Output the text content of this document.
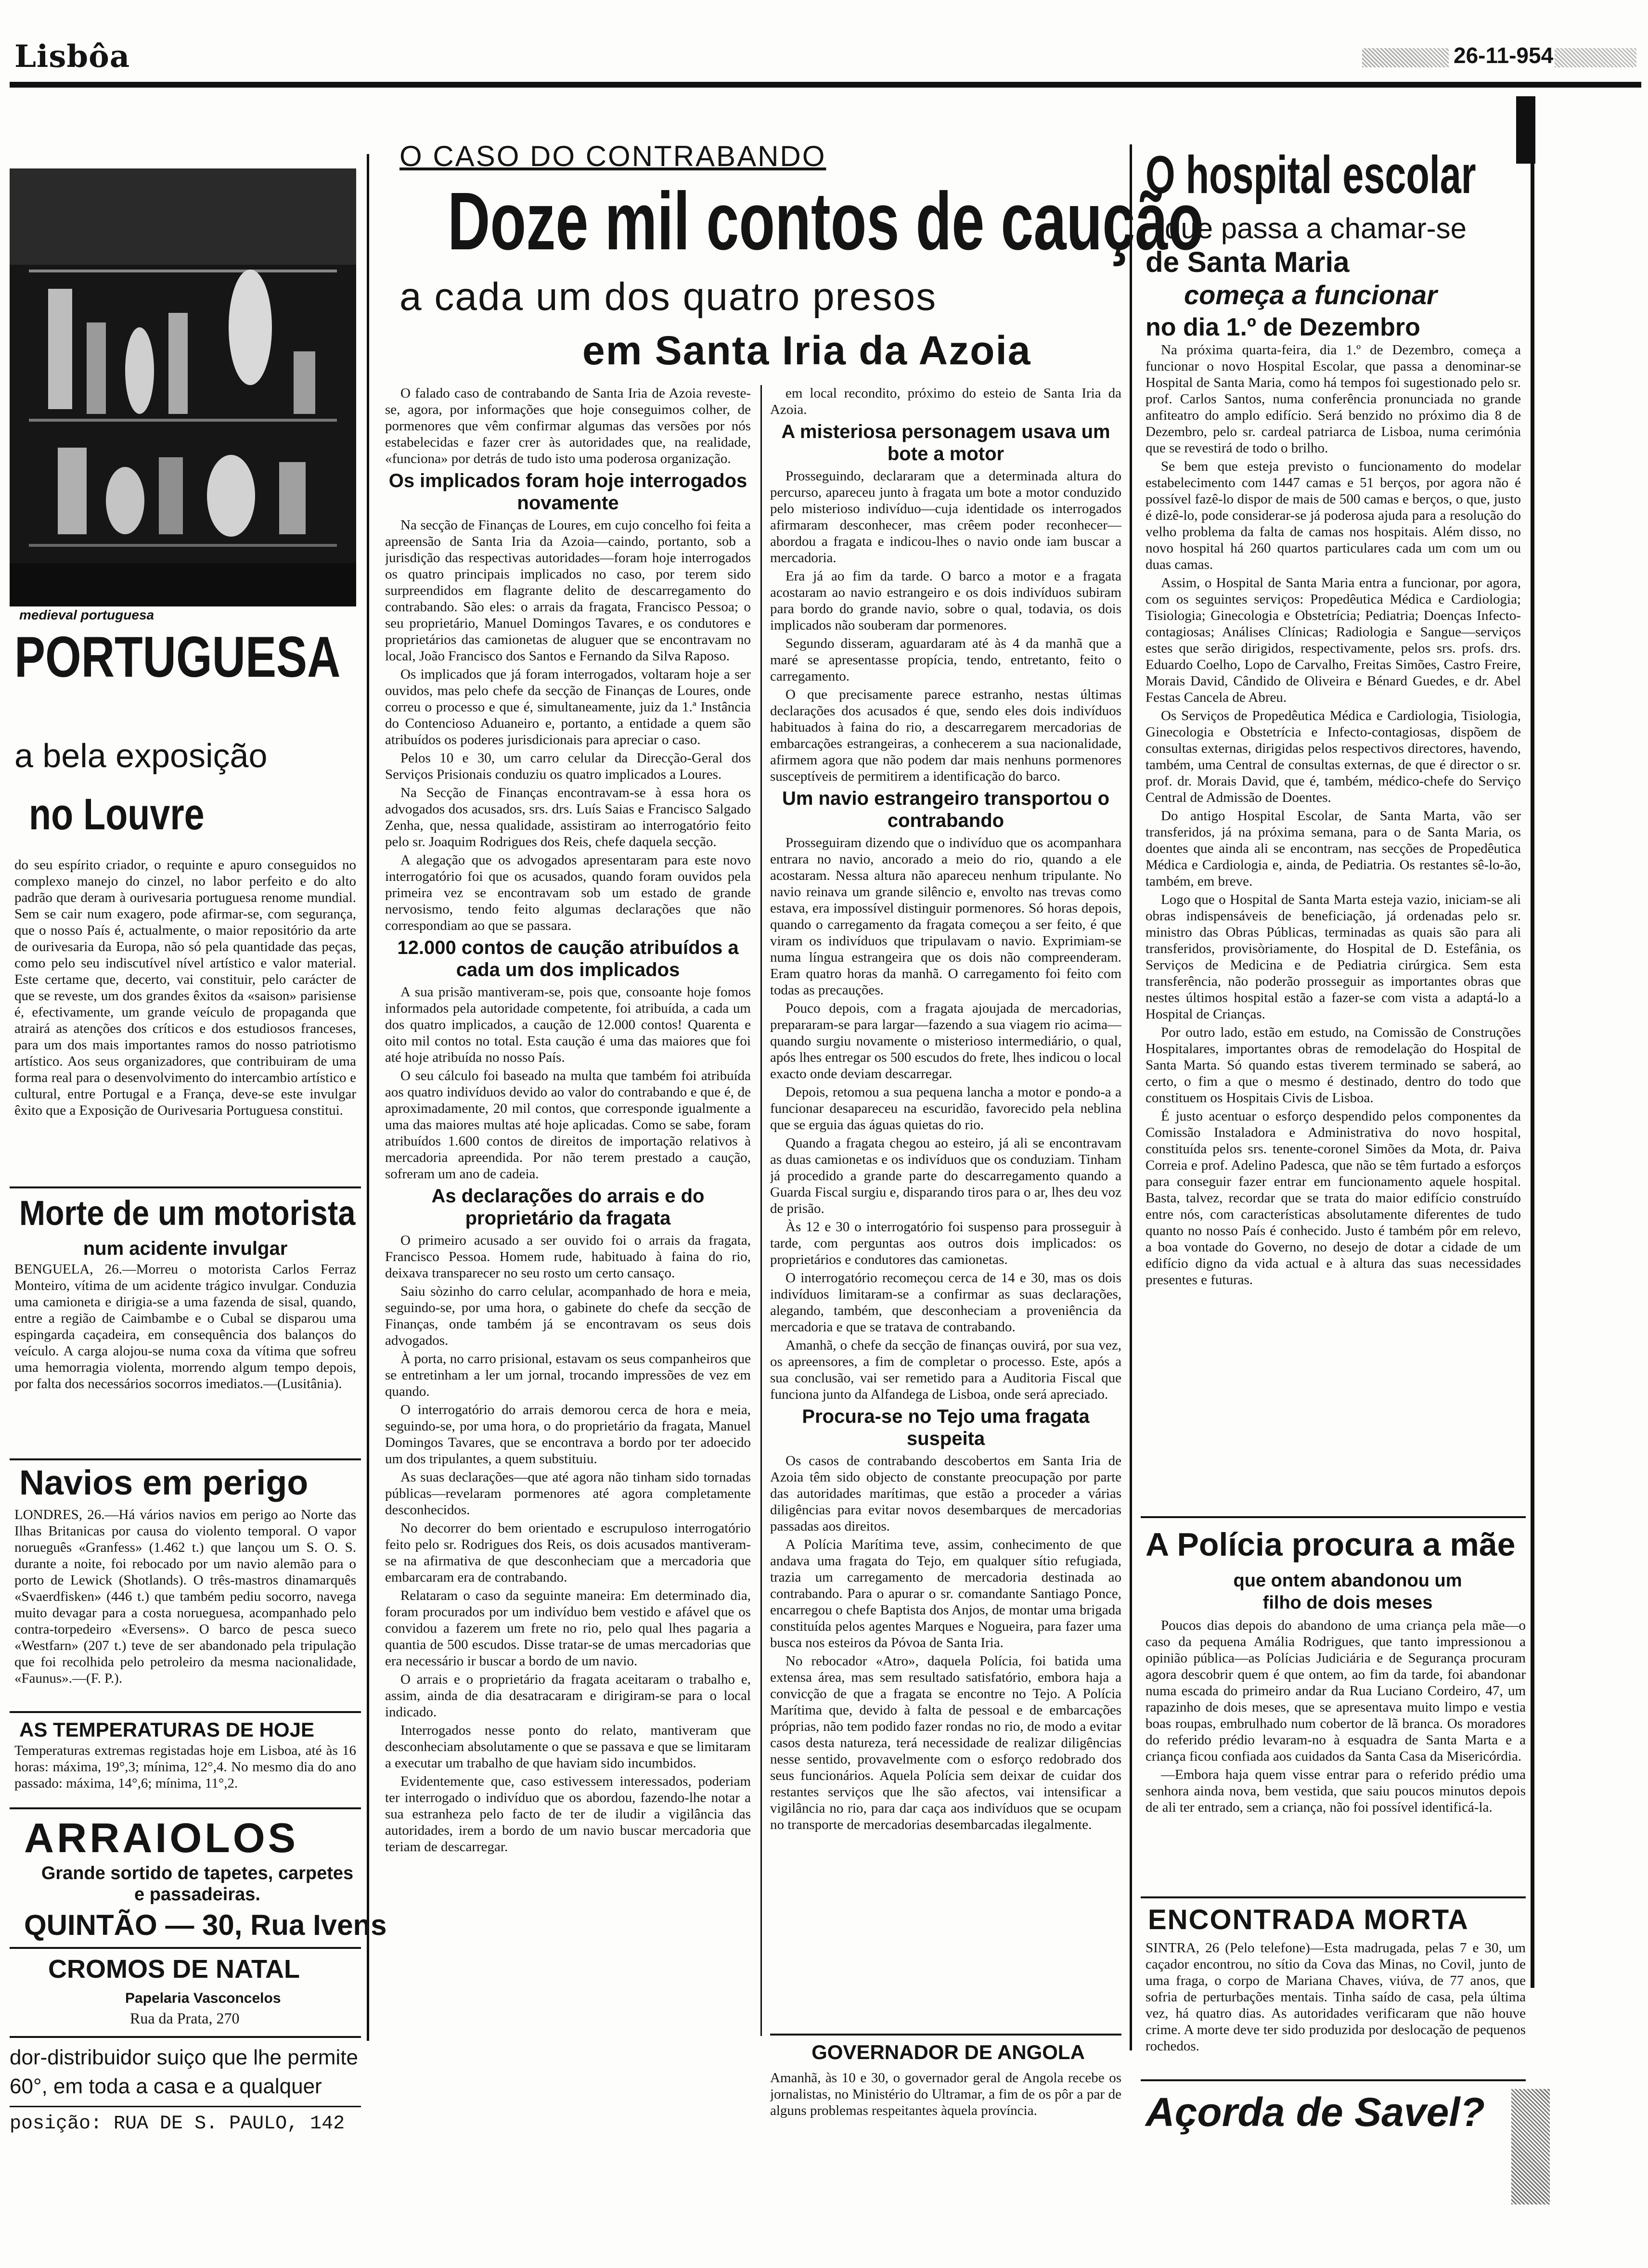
Lisbôa	26-11-954
medieval portuguesa
PORTUGUESA
a bela exposição
no Louvre
do seu espírito criador, o requinte e apuro conseguidos no complexo manejo do cinzel, no labor perfeito e do alto padrão que deram à ourivesaria portuguesa renome mundial. Sem se cair num exagero, pode afirmar-se, com segurança, que o nosso País é, actualmente, o maior repositório da arte de ourivesaria da Europa, não só pela quantidade das peças, como pelo seu indiscutível nível artístico e valor material. Este certame que, decerto, vai constituir, pelo carácter de que se reveste, um dos grandes êxitos da «saison» parisiense é, efectivamente, um grande veículo de propaganda que atrairá as atenções dos críticos e dos estudiosos franceses, para um dos mais importantes ramos do nosso patriotismo artístico. Aos seus organizadores, que contribuiram de uma forma real para o desenvolvimento do intercambio artístico e cultural, entre Portugal e a França, deve-se este invulgar êxito que a Exposição de Ourivesaria Portuguesa constitui.
Morte de um motorista
num acidente invulgar
BENGUELA, 26.—Morreu o motorista Carlos Ferraz Monteiro, vítima de um acidente trágico invulgar. Conduzia uma camioneta e dirigia-se a uma fazenda de sisal, quando, entre a região de Caimbambe e o Cubal se disparou uma espingarda caçadeira, em consequência dos balanços do veículo. A carga alojou-se numa coxa da vítima que sofreu uma hemorragia violenta, morrendo algum tempo depois, por falta dos necessários socorros imediatos.—(Lusitânia).
Navios em perigo
LONDRES, 26.—Há vários navios em perigo ao Norte das Ilhas Britanicas por causa do violento temporal. O vapor norueguês «Granfess» (1.462 t.) que lançou um S. O. S. durante a noite, foi rebocado por um navio alemão para o porto de Lewick (Shotlands). O três-mastros dinamarquês «Svaerdfisken» (446 t.) que também pediu socorro, navega muito devagar para a costa norueguesa, acompanhado pelo contra-torpedeiro «Eversens». O barco de pesca sueco «Westfarn» (207 t.) teve de ser abandonado pela tripulação que foi recolhida pelo petroleiro da mesma nacionalidade, «Faunus».—(F. P.).
AS TEMPERATURAS DE HOJE
Temperaturas extremas registadas hoje em Lisboa, até às 16 horas: máxima, 19°,3; mínima, 12°,4. No mesmo dia do ano passado: máxima, 14°,6; mínima, 11°,2.
ARRAIOLOS
Grande sortido de tapetes, carpetes e passadeiras.
QUINTÃO — 30, Rua Ivens
CROMOS DE NATAL
Papelaria Vasconcelos
Rua da Prata, 270
dor-distribuidor suiço que lhe permite
60°, em toda a casa e a qualquer
posição: RUA DE S. PAULO, 142
O CASO DO CONTRABANDO
Doze mil contos de caução
a cada um dos quatro presos
em Santa Iria da Azoia

O falado caso de contrabando de Santa Iria de Azoia reveste-se, agora, por informações que hoje conseguimos colher, de pormenores que vêm confirmar algumas das versões por nós estabelecidas e fazer crer às autoridades que, na realidade, «funciona» por detrás de tudo isto uma poderosa organização.

Os implicados foram hoje interrogados novamente

Na secção de Finanças de Loures, em cujo concelho foi feita a apreensão de Santa Iria da Azoia—caindo, portanto, sob a jurisdição das respectivas autoridades—foram hoje interrogados os quatro principais implicados no caso, por terem sido surpreendidos em flagrante delito de descarregamento do contrabando. São eles: o arrais da fragata, Francisco Pessoa; o seu proprietário, Manuel Domingos Tavares, e os condutores e proprietários das camionetas de aluguer que se encontravam no local, João Francisco dos Santos e Fernando da Silva Raposo.

Os implicados que já foram interrogados, voltaram hoje a ser ouvidos, mas pelo chefe da secção de Finanças de Loures, onde correu o processo e que é, simultaneamente, juiz da 1.ª Instância do Contencioso Aduaneiro e, portanto, a entidade a quem são atribuídos os poderes jurisdicionais para apreciar o caso.

Pelos 10 e 30, um carro celular da Direcção-Geral dos Serviços Prisionais conduziu os quatro implicados a Loures.

Na Secção de Finanças encontravam-se à essa hora os advogados dos acusados, srs. drs. Luís Saias e Francisco Salgado Zenha, que, nessa qualidade, assistiram ao interrogatório feito pelo sr. Joaquim Rodrigues dos Reis, chefe daquela secção.

A alegação que os advogados apresentaram para este novo interrogatório foi que os acusados, quando foram ouvidos pela primeira vez se encontravam sob um estado de grande nervosismo, tendo feito algumas declarações que não correspondiam ao que se passara.

12.000 contos de caução atribuídos a cada um dos implicados

A sua prisão mantiveram-se, pois que, consoante hoje fomos informados pela autoridade competente, foi atribuída, a cada um dos quatro implicados, a caução de 12.000 contos! Quarenta e oito mil contos no total. Esta caução é uma das maiores que foi até hoje atribuída no nosso País.

O seu cálculo foi baseado na multa que também foi atribuída aos quatro indivíduos devido ao valor do contrabando e que é, de aproximadamente, 20 mil contos, que corresponde igualmente a uma das maiores multas até hoje aplicadas. Como se sabe, foram atribuídos 1.600 contos de direitos de importação relativos à mercadoria apreendida. Por não terem prestado a caução, sofreram um ano de cadeia.

As declarações do arrais e do proprietário da fragata

O primeiro acusado a ser ouvido foi o arrais da fragata, Francisco Pessoa. Homem rude, habituado à faina do rio, deixava transparecer no seu rosto um certo cansaço.

Saiu sòzinho do carro celular, acompanhado de hora e meia, seguindo-se, por uma hora, o gabinete do chefe da secção de Finanças, onde também já se encontravam os seus dois advogados.

À porta, no carro prisional, estavam os seus companheiros que se entretinham a ler um jornal, trocando impressões de vez em quando.

O interrogatório do arrais demorou cerca de hora e meia, seguindo-se, por uma hora, o do proprietário da fragata, Manuel Domingos Tavares, que se encontrava a bordo por ter adoecido um dos tripulantes, a quem substituiu.

As suas declarações—que até agora não tinham sido tornadas públicas—revelaram pormenores até agora completamente desconhecidos.

No decorrer do bem orientado e escrupuloso interrogatório feito pelo sr. Rodrigues dos Reis, os dois acusados mantiveram-se na afirmativa de que desconheciam que a mercadoria que embarcaram era de contrabando.

Relataram o caso da seguinte maneira: Em determinado dia, foram procurados por um indivíduo bem vestido e afável que os convidou a fazerem um frete no rio, pelo qual lhes pagaria a quantia de 500 escudos. Disse tratar-se de umas mercadorias que era necessário ir buscar a bordo de um navio.

O arrais e o proprietário da fragata aceitaram o trabalho e, assim, ainda de dia desatracaram e dirigiram-se para o local indicado.

Interrogados nesse ponto do relato, mantiveram que desconheciam absolutamente o que se passava e que se limitaram a executar um trabalho de que haviam sido incumbidos.

Evidentemente que, caso estivessem interessados, poderiam ter interrogado o indivíduo que os abordou, fazendo-lhe notar a sua estranheza pelo facto de ter de iludir a vigilância das autoridades, irem a bordo de um navio buscar mercadoria que teriam de descarregar.

em local recondito, próximo do esteio de Santa Iria da Azoia.

A misteriosa personagem usava um bote a motor

Prosseguindo, declararam que a determinada altura do percurso, apareceu junto à fragata um bote a motor conduzido pelo misterioso indivíduo—cuja identidade os interrogados afirmaram desconhecer, mas crêem poder reconhecer—abordou a fragata e indicou-lhes o navio onde iam buscar a mercadoria.

Era já ao fim da tarde. O barco a motor e a fragata acostaram ao navio estrangeiro e os dois indivíduos subiram para bordo do grande navio, sobre o qual, todavia, os dois implicados não souberam dar pormenores.

Segundo disseram, aguardaram até às 4 da manhã que a maré se apresentasse propícia, tendo, entretanto, feito o carregamento.

O que precisamente parece estranho, nestas últimas declarações dos acusados é que, sendo eles dois indivíduos habituados à faina do rio, a descarregarem mercadorias de embarcações estrangeiras, a conhecerem a sua nacionalidade, afirmem agora que não podem dar mais nenhuns pormenores susceptíveis de permitirem a identificação do barco.

Um navio estrangeiro transportou o contrabando

Prosseguiram dizendo que o indivíduo que os acompanhara entrara no navio, ancorado a meio do rio, quando a ele acostaram. Nessa altura não apareceu nenhum tripulante. No navio reinava um grande silêncio e, envolto nas trevas como estava, era impossível distinguir pormenores. Só horas depois, quando o carregamento da fragata começou a ser feito, é que viram os indivíduos que tripulavam o navio. Exprimiam-se numa língua estrangeira que os dois não compreenderam. Eram quatro horas da manhã. O carregamento foi feito com todas as precauções.

Pouco depois, com a fragata ajoujada de mercadorias, prepararam-se para largar—fazendo a sua viagem rio acima—quando surgiu novamente o misterioso intermediário, o qual, após lhes entregar os 500 escudos do frete, lhes indicou o local exacto onde deviam descarregar.

Depois, retomou a sua pequena lancha a motor e pondo-a a funcionar desapareceu na escuridão, favorecido pela neblina que se erguia das águas quietas do rio.

Quando a fragata chegou ao esteiro, já ali se encontravam as duas camionetas e os indivíduos que os conduziam. Tinham já procedido a grande parte do descarregamento quando a Guarda Fiscal surgiu e, disparando tiros para o ar, lhes deu voz de prisão.

Às 12 e 30 o interrogatório foi suspenso para prosseguir à tarde, com perguntas aos outros dois implicados: os proprietários e condutores das camionetas.

O interrogatório recomeçou cerca de 14 e 30, mas os dois indivíduos limitaram-se a confirmar as suas declarações, alegando, também, que desconheciam a proveniência da mercadoria e que se tratava de contrabando.

Amanhã, o chefe da secção de finanças ouvirá, por sua vez, os apreensores, a fim de completar o processo. Este, após a sua conclusão, vai ser remetido para a Auditoria Fiscal que funciona junto da Alfandega de Lisboa, onde será apreciado.

Procura-se no Tejo uma fragata suspeita

Os casos de contrabando descobertos em Santa Iria de Azoia têm sido objecto de constante preocupação por parte das autoridades marítimas, que estão a proceder a várias diligências para evitar novos desembarques de mercadorias passadas aos direitos.

A Polícia Marítima teve, assim, conhecimento de que andava uma fragata do Tejo, em qualquer sítio refugiada, trazia um carregamento de mercadoria destinada ao contrabando. Para o apurar o sr. comandante Santiago Ponce, encarregou o chefe Baptista dos Anjos, de montar uma brigada constituída pelos agentes Marques e Nogueira, para fazer uma busca nos esteiros da Póvoa de Santa Iria.

No rebocador «Atro», daquela Polícia, foi batida uma extensa área, mas sem resultado satisfatório, embora haja a convicção de que a fragata se encontre no Tejo. A Polícia Marítima que, devido à falta de pessoal e de embarcações próprias, não tem podido fazer rondas no rio, de modo a evitar casos desta natureza, terá necessidade de realizar diligências nesse sentido, provavelmente com o esforço redobrado dos seus funcionários. Aquela Polícia sem deixar de cuidar dos restantes serviços que lhe são afectos, vai intensificar a vigilância no rio, para dar caça aos indivíduos que se ocupam no transporte de mercadorias desembarcadas ilegalmente.

GOVERNADOR DE ANGOLA
Amanhã, às 10 e 30, o governador geral de Angola recebe os jornalistas, no Ministério do Ultramar, a fim de os pôr a par de alguns problemas respeitantes àquela província.
O hospital escolar
que passa a chamar-se
de Santa Maria
começa a funcionar
no dia 1.º de Dezembro

Na próxima quarta-feira, dia 1.º de Dezembro, começa a funcionar o novo Hospital Escolar, que passa a denominar-se Hospital de Santa Maria, como há tempos foi sugestionado pelo sr. prof. Carlos Santos, numa conferência pronunciada no grande anfiteatro do amplo edifício. Será benzido no próximo dia 8 de Dezembro, pelo sr. cardeal patriarca de Lisboa, numa cerimónia que se revestirá de todo o brilho.

Se bem que esteja previsto o funcionamento do modelar estabelecimento com 1447 camas e 51 berços, por agora não é possível fazê-lo dispor de mais de 500 camas e berços, o que, justo é dizê-lo, pode considerar-se já poderosa ajuda para a resolução do velho problema da falta de camas nos hospitais. Além disso, no novo hospital há 260 quartos particulares cada um com um ou duas camas.

Assim, o Hospital de Santa Maria entra a funcionar, por agora, com os seguintes serviços: Propedêutica Médica e Cardiologia; Tisiologia; Ginecologia e Obstetrícia; Pediatria; Doenças Infecto-contagiosas; Análises Clínicas; Radiologia e Sangue—serviços estes que serão dirigidos, respectivamente, pelos srs. profs. drs. Eduardo Coelho, Lopo de Carvalho, Freitas Simões, Castro Freire, Morais David, Cândido de Oliveira e Bénard Guedes, e dr. Abel Festas Cancela de Abreu.

Os Serviços de Propedêutica Médica e Cardiologia, Tisiologia, Ginecologia e Obstetrícia e Infecto-contagiosas, dispõem de consultas externas, dirigidas pelos respectivos directores, havendo, também, uma Central de consultas externas, de que é director o sr. prof. dr. Morais David, que é, também, médico-chefe do Serviço Central de Admissão de Doentes.

Do antigo Hospital Escolar, de Santa Marta, vão ser transferidos, já na próxima semana, para o de Santa Maria, os doentes que ainda ali se encontram, nas secções de Propedêutica Médica e Cardiologia e, ainda, de Pediatria. Os restantes sê-lo-ão, também, em breve.

Logo que o Hospital de Santa Marta esteja vazio, iniciam-se ali obras indispensáveis de beneficiação, já ordenadas pelo sr. ministro das Obras Públicas, terminadas as quais são para ali transferidos, provisòriamente, do Hospital de D. Estefânia, os Serviços de Medicina e de Pediatria cirúrgica. Sem esta transferência, não poderão prosseguir as importantes obras que nestes últimos hospital estão a fazer-se com vista a adaptá-lo a Hospital de Crianças.

Por outro lado, estão em estudo, na Comissão de Construções Hospitalares, importantes obras de remodelação do Hospital de Santa Marta. Só quando estas tiverem terminado se saberá, ao certo, o fim a que o mesmo é destinado, dentro do todo que constituem os Hospitais Civis de Lisboa.

É justo acentuar o esforço despendido pelos componentes da Comissão Instaladora e Administrativa do novo hospital, constituída pelos srs. tenente-coronel Simões da Mota, dr. Paiva Correia e prof. Adelino Padesca, que não se têm furtado a esforços para conseguir fazer entrar em funcionamento aquele hospital. Basta, talvez, recordar que se trata do maior edifício construído entre nós, com características absolutamente diferentes de tudo quanto no nosso País é conhecido. Justo é também pôr em relevo, a boa vontade do Governo, no desejo de dotar a cidade de um edifício digno da vida actual e à altura das suas necessidades presentes e futuras.

A Polícia procura a mãe
que ontem abandonou um filho de dois meses

Poucos dias depois do abandono de uma criança pela mãe—o caso da pequena Amália Rodrigues, que tanto impressionou a opinião pública—as Polícias Judiciária e de Segurança procuram agora descobrir quem é que ontem, ao fim da tarde, foi abandonar numa escada do primeiro andar da Rua Luciano Cordeiro, 47, um rapazinho de dois meses, que se apresentava muito limpo e vestia boas roupas, embrulhado num cobertor de lã branca. Os moradores do referido prédio levaram-no à esquadra de Santa Marta e a criança ficou confiada aos cuidados da Santa Casa da Misericórdia.

—Embora haja quem visse entrar para o referido prédio uma senhora ainda nova, bem vestida, que saiu poucos minutos depois de ali ter entrado, sem a criança, não foi possível identificá-la.

ENCONTRADA MORTA
SINTRA, 26 (Pelo telefone)—Esta madrugada, pelas 7 e 30, um caçador encontrou, no sítio da Cova das Minas, no Covil, junto de uma fraga, o corpo de Mariana Chaves, viúva, de 77 anos, que sofria de perturbações mentais. Tinha saído de casa, pela última vez, há quatro dias. As autoridades verificaram que não houve crime. A morte deve ter sido produzida por deslocação de pequenos rochedos.
Açorda de Savel?
